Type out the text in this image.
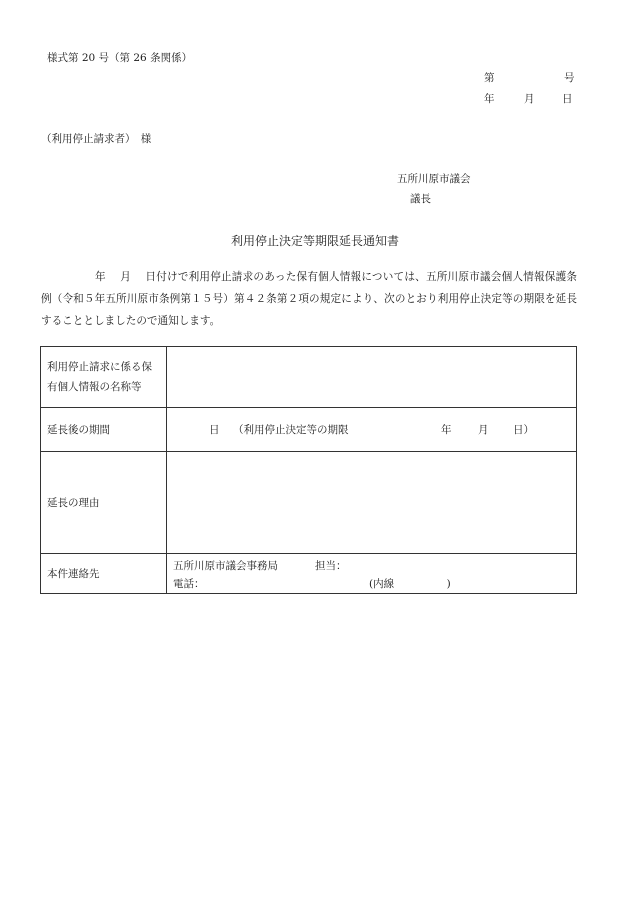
様式第 20 号（第 26 条関係）
第	号
年	月	日
（利用停止請求者）　様
五所川原市議会
議長
利用停止決定等期限延長通知書
　　　　　年　 月　 日付けで利用停止請求のあった保有個人情報については、五所川原市議会個人情報保護条例（令和５年五所川原市条例第１５号）第４２条第２項の規定により、次のとおり利用停止決定等の期限を延長することとしましたので通知します。
利用停止請求に係る保有個人情報の名称等	
延長後の期間	日 （利用停止決定等の期限 年 月 日）

延長の理由	
本件連絡先	五所川原市議会事務局 担当：
電話： (内線　　　　　)
